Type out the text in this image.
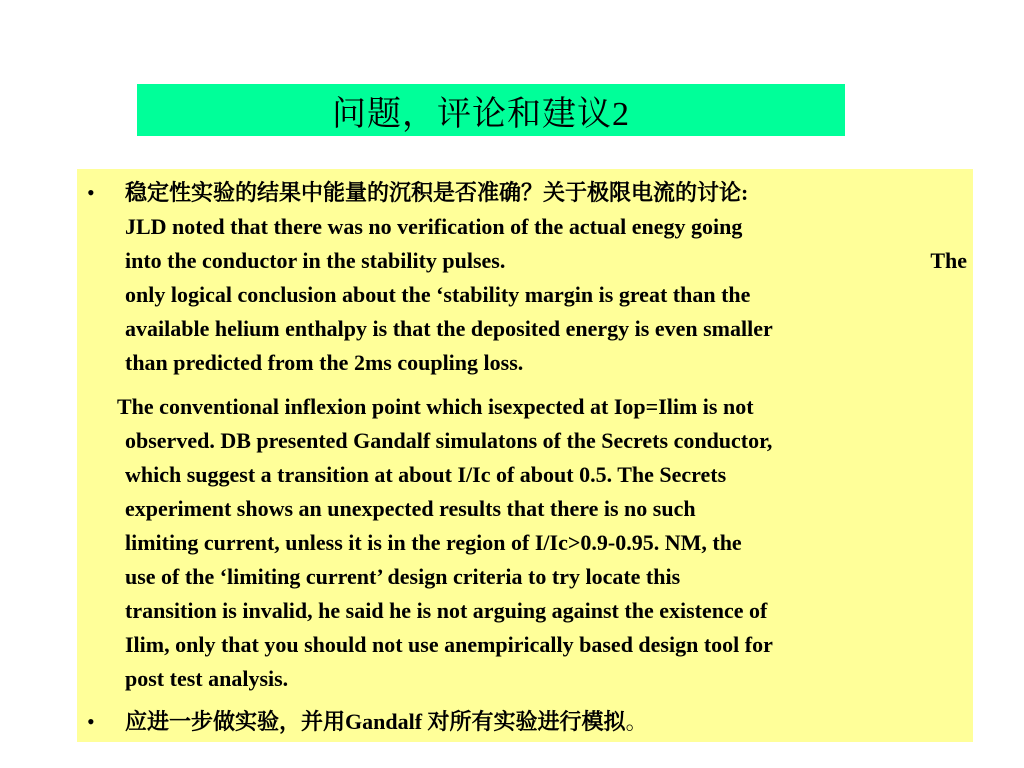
问题，评论和建议2
• 稳定性实验的结果中能量的沉积是否准确？关于极限电流的讨论:
JLD noted that there was no verification of the actual enegy going
into the conductor in the stability pulses.	The
only logical conclusion about the ‘stability margin is great than the
available helium enthalpy is that the deposited energy is even smaller
than predicted from the 2ms coupling loss.
The conventional inflexion point which isexpected at Iop=Ilim is not
observed. DB presented Gandalf simulatons of the Secrets conductor,
which suggest a transition at about I/Ic of about 0.5. The Secrets
experiment shows an unexpected results that there is no such
limiting current, unless it is in the region of I/Ic>0.9-0.95. NM, the
use of the ‘limiting current’ design criteria to try locate this
transition is invalid, he said he is not arguing against the existence of
Ilim, only that you should not use anempirically based design tool for
post test analysis.
• 应进一步做实验，并用Gandalf 对所有实验进行模拟。
